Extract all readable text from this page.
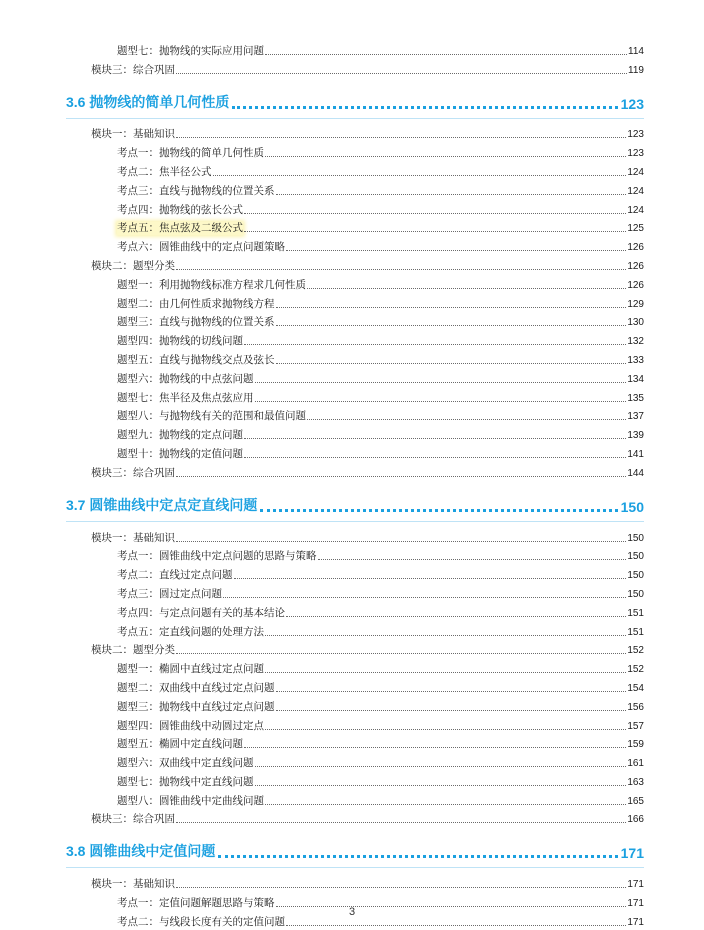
题型七：抛物线的实际应用问题	114
模块三：综合巩固	119
3.6 抛物线的简单几何性质	123
模块一：基础知识	123
考点一：抛物线的简单几何性质	123
考点二：焦半径公式	124
考点三：直线与抛物线的位置关系	124
考点四：抛物线的弦长公式	124
考点五：焦点弦及二级公式	125
考点六：圆锥曲线中的定点问题策略	126
模块二：题型分类	126
题型一：利用抛物线标准方程求几何性质	126
题型二：由几何性质求抛物线方程	129
题型三：直线与抛物线的位置关系	130
题型四：抛物线的切线问题	132
题型五：直线与抛物线交点及弦长	133
题型六：抛物线的中点弦问题	134
题型七：焦半径及焦点弦应用	135
题型八：与抛物线有关的范围和最值问题	137
题型九：抛物线的定点问题	139
题型十：抛物线的定值问题	141
模块三：综合巩固	144
3.7 圆锥曲线中定点定直线问题	150
模块一：基础知识	150
考点一：圆锥曲线中定点问题的思路与策略	150
考点二：直线过定点问题	150
考点三：圆过定点问题	150
考点四：与定点问题有关的基本结论	151
考点五：定直线问题的处理方法	151
模块二：题型分类	152
题型一：椭圆中直线过定点问题	152
题型二：双曲线中直线过定点问题	154
题型三：抛物线中直线过定点问题	156
题型四：圆锥曲线中动圆过定点	157
题型五：椭圆中定直线问题	159
题型六：双曲线中定直线问题	161
题型七：抛物线中定直线问题	163
题型八：圆锥曲线中定曲线问题	165
模块三：综合巩固	166
3.8 圆锥曲线中定值问题	171
模块一：基础知识	171
考点一：定值问题解题思路与策略	171
考点二：与线段长度有关的定值问题	171
3
